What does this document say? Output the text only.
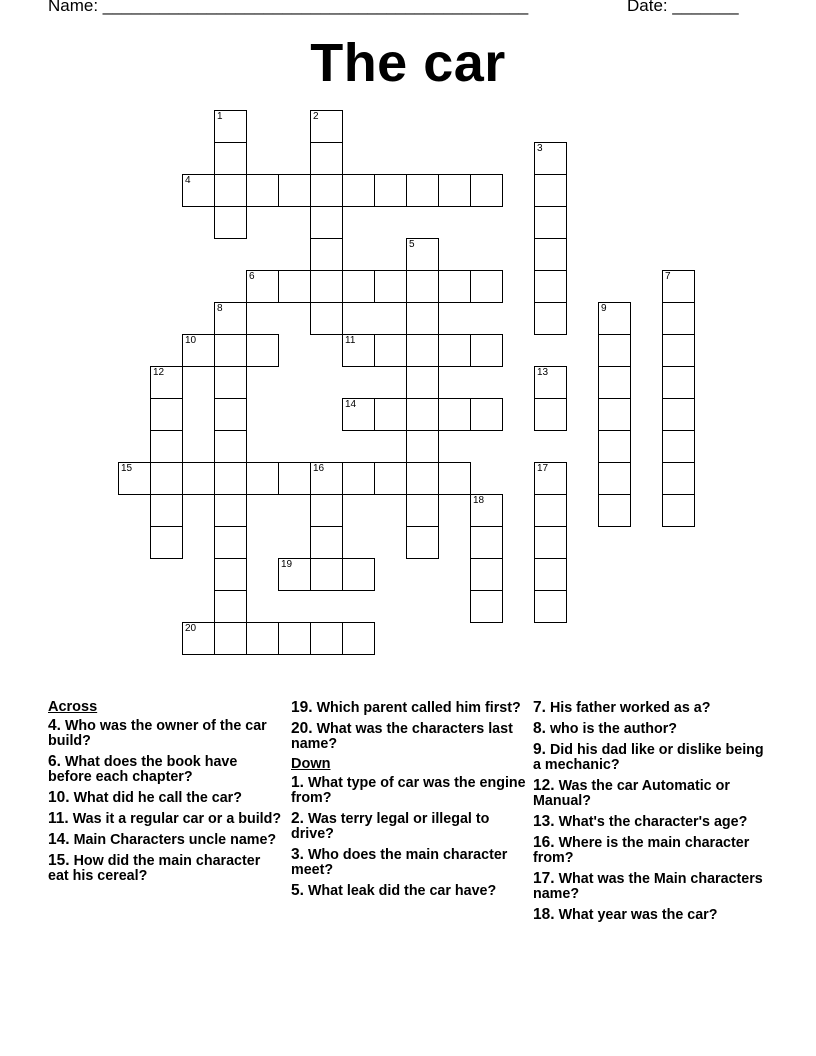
Name: _____________________________________________	Date: _______
The car
4
6
10	11
14
15	16
19
20
1	2
3
5
7
8	9
12	13
17
18
Across
4. Who was the owner of the car build?
6. What does the book have before each chapter?
10. What did he call the car?
11. Was it a regular car or a build?
14. Main Characters uncle name?
15. How did the main character eat his cereal?
19. Which parent called him first?
20. What was the characters last name?
Down
1. What type of car was the engine from?
2. Was terry legal or illegal to drive?
3. Who does the main character meet?
5. What leak did the car have?
7. His father worked as a?
8. who is the author?
9. Did his dad like or dislike being a mechanic?
12. Was the car Automatic or Manual?
13. What's the character's age?
16. Where is the main character from?
17. What was the Main characters name?
18. What year was the car?
